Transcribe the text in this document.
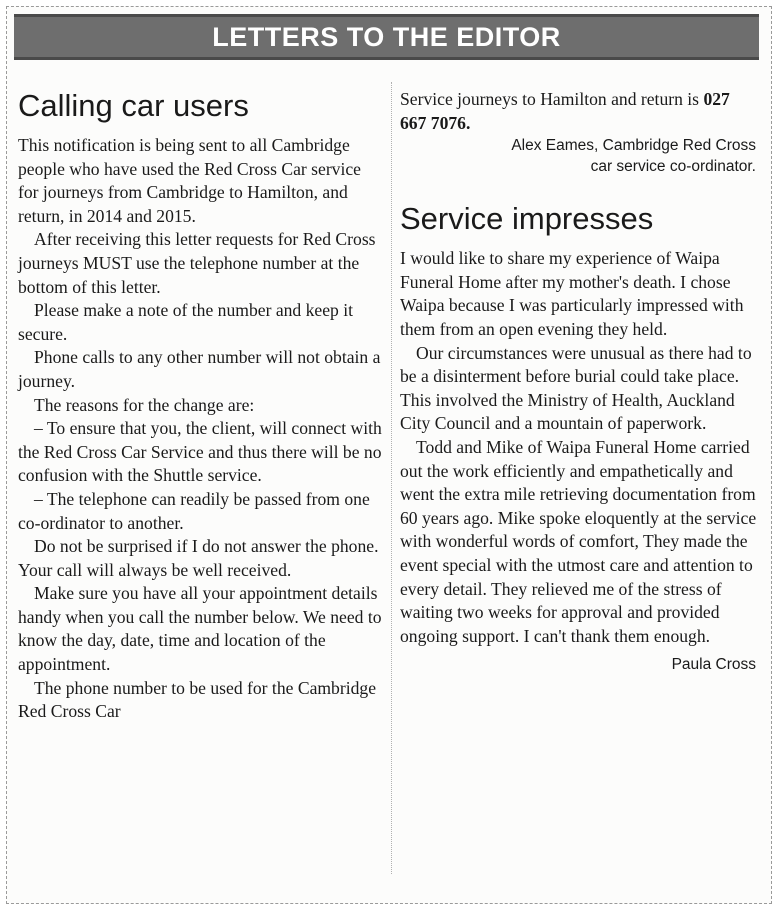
LETTERS TO THE EDITOR
Calling car users

This notification is being sent to all Cambridge people who have used the Red Cross Car service for journeys from Cambridge to Hamilton, and return, in 2014 and 2015.

After receiving this letter requests for Red Cross journeys MUST use the telephone number at the bottom of this letter.

Please make a note of the number and keep it secure.

Phone calls to any other number will not obtain a journey.

The reasons for the change are:

– To ensure that you, the client, will connect with the Red Cross Car Service and thus there will be no confusion with the Shuttle service.

– The telephone can readily be passed from one co-ordinator to another.

Do not be surprised if I do not answer the phone. Your call will always be well received.

Make sure you have all your appointment details handy when you call the number below. We need to know the day, date, time and location of the appointment.

The phone number to be used for the Cambridge Red Cross Car

Service journeys to Hamilton and return is 027 667 7076.

Alex Eames, Cambridge Red Cross
car service co-ordinator.
Service impresses

I would like to share my experience of Waipa Funeral Home after my mother's death. I chose Waipa because I was particularly impressed with them from an open evening they held.

Our circumstances were unusual as there had to be a disinterment before burial could take place. This involved the Ministry of Health, Auckland City Council and a mountain of paperwork.

Todd and Mike of Waipa Funeral Home carried out the work efficiently and empathetically and went the extra mile retrieving documentation from 60 years ago. Mike spoke eloquently at the service with wonderful words of comfort, They made the event special with the utmost care and attention to every detail. They relieved me of the stress of waiting two weeks for approval and provided ongoing support. I can't thank them enough.

Paula Cross
